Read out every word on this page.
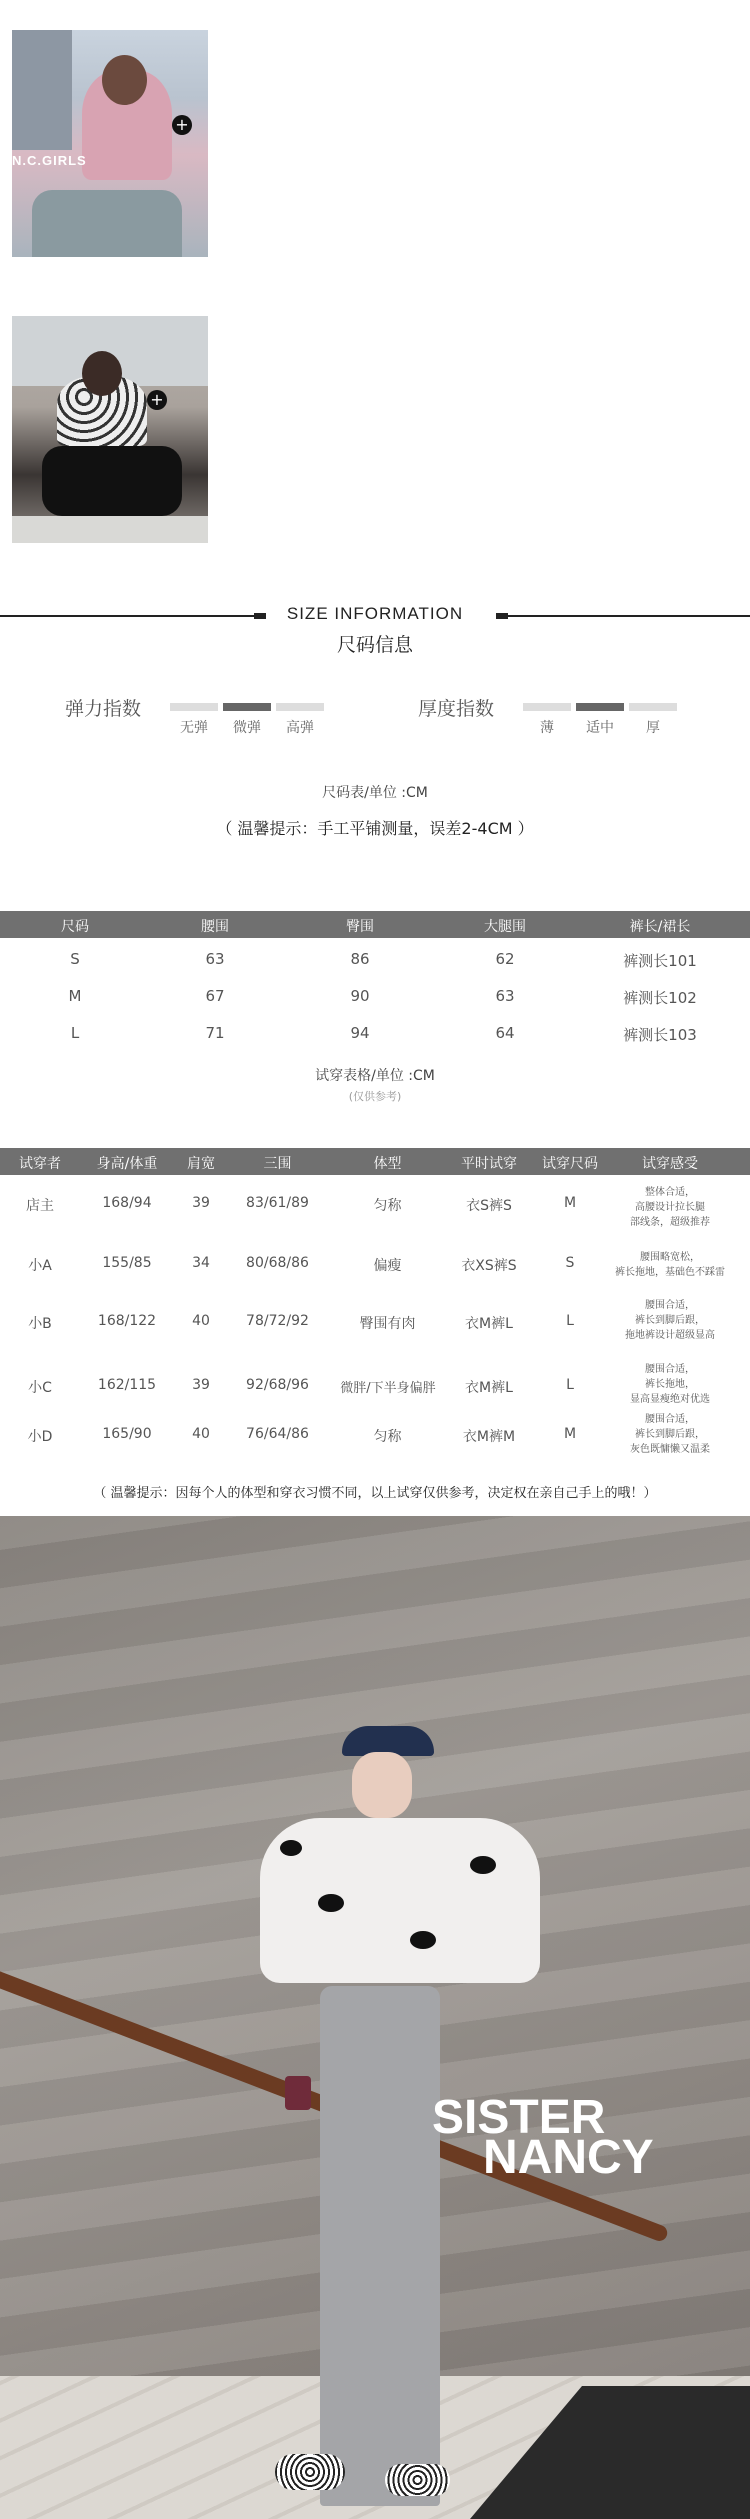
N.C.GIRLS
+
+
SIZE INFORMATION
尺码信息
弹力指数
无弹	微弹	高弹
厚度指数
薄	适中	厚
尺码表/单位 :CM
（ 温馨提示：手工平铺测量，误差2-4CM ）
尺码	腰围	臀围	大腿围	裤长/裙长
S	63	86	62	裤测长101
M	67	90	63	裤测长102
L	71	94	64	裤测长103
试穿表格/单位 :CM
(仅供参考)
试穿者	身高/体重	肩宽	三围	体型	平时试穿	试穿尺码	试穿感受
店主	168/94	39	83/61/89	匀称	衣S裤S	M
整体合适，
高腰设计拉长腿
部线条，超级推荐
小A	155/85	34	80/68/86	偏瘦	衣XS裤S	S	腰围略宽松，
裤长拖地，基础色不踩雷
小B	168/122	40	78/72/92	臀围有肉	衣M裤L	L
腰围合适，
裤长到脚后跟，
拖地裤设计超级显高
小C	162/115	39	92/68/96	微胖/下半身偏胖	衣M裤L	L
腰围合适，
裤长拖地，
显高显瘦绝对优选
小D	165/90	40	76/64/86	匀称	衣M裤M	M
腰围合适，
裤长到脚后跟，
灰色既慵懒又温柔
（ 温馨提示：因每个人的体型和穿衣习惯不同，以上试穿仅供参考，决定权在亲自己手上的哦！）
SISTER
NANCY
